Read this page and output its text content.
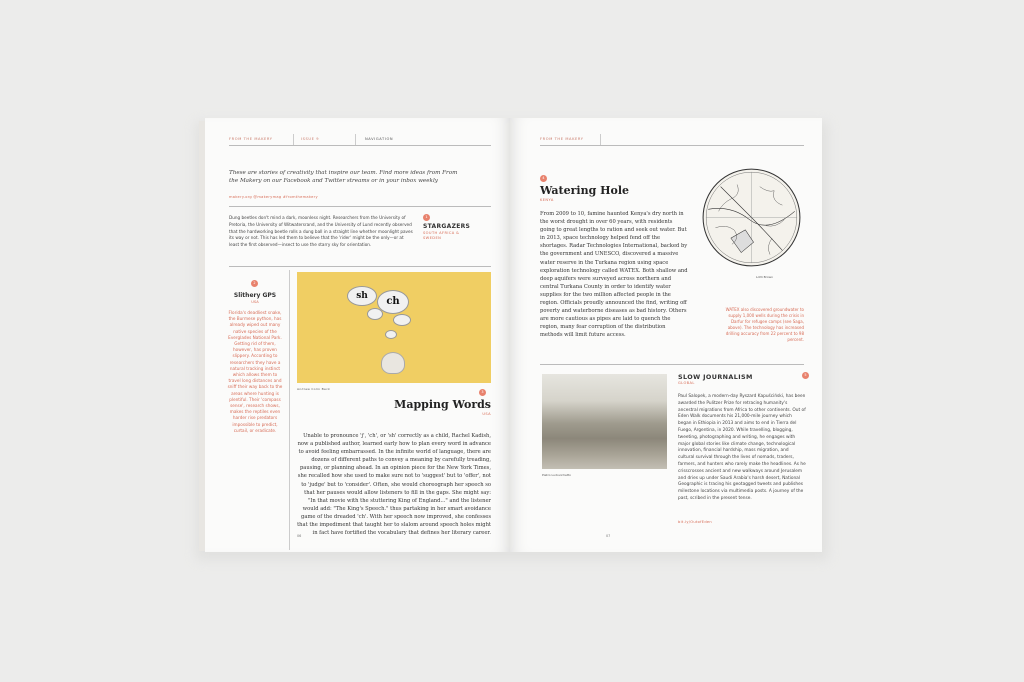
FROM THE MAKERY	ISSUE 9	NAVIGATION
These are stories of creativity that inspire our team. Find more ideas from From the Makery on our Facebook and Twitter streams or in your inbox weekly
makery.org @makerymag #fromthemakery
Dung beetles don't mind a dark, moonless night. Researchers from the University of Pretoria, the University of Witwatersrand, and the University of Lund recently observed that the hardworking beetle rolls a dung ball in a straight line whether moonlight paves its way or not. This has led them to believe that the 'rider' might be the only—or at least the first observed—insect to use the starry sky for orientation.
1
STARGAZERS
SOUTH AFRICA & SWEDEN
2
Slithery GPS
USA
Florida's deadliest snake, the Burmese python, has already wiped out many native species of the Everglades National Park. Getting rid of them, however, has proven slippery. According to researchers they have a natural tracking instinct which allows them to travel long distances and sniff their way back to the areas where hunting is plentiful. Their 'compass sense', research shows, makes the reptiles even harder rise predators impossible to predict, curtail, or eradicate.
sh	ch
Andrew Colin Beck
3
Mapping Words
USA
Unable to pronounce 'j', 'ch', or 'sh' correctly as a child, Rachel Kadish, now a published author, learned early how to plan every word in advance to avoid feeling embarrassed. In the infinite world of language, there are dozens of different paths to convey a meaning by carefully treading, pausing, or planning ahead. In an opinion piece for the New York Times, she recalled how she used to make sure not to 'suggest' but to 'offer', not to 'judge' but to 'consider'. Often, she would choreograph her speech so that her pauses would allow listeners to fill in the gaps. She might say: "In that movie with the stuttering King of England..." and the listener would add: "The King's Speech." thus partaking in her smart avoidance game of the dreaded 'ch'. With her speech now improved, she confesses that the impediment that taught her to slalom around speech holes might in fact have fortified the vocabulary that defines her literary career.
06
FROM THE MAKERY
4
Watering Hole
KENYA
From 2009 to 10, famine haunted Kenya's dry north in the worst drought in over 60 years, with residents going to great lengths to ration and seek out water. But in 2013, space technology helped fend off the shortages. Radar Technologies International, backed by the government and UNESCO, discovered a massive water reserve in the Turkana region using space exploration technology called WATEX. Both shallow and deep aquifers were surveyed across northern and central Turkana County in order to identify water supplies for the two million affected people in the region. Officials proudly announced the find, writing off poverty and waterborne diseases as bad history. Others are more cautious as pipes are laid to quench the region, many fear corruption of the distribution methods will limit future access.
Lotti Brown
WATEX also discovered groundwater to supply 1,000 wells during the crisis in Darfur for refugee camps (see Saga, above). The technology has increased drilling accuracy from 22 percent to 98 percent.
Pietro Ludovichetto
5
SLOW JOURNALISM
GLOBAL
Paul Salopek, a modern-day Ryszard Kapuściński, has been awarded the Pulitzer Prize for retracing humanity's ancestral migrations from Africa to other continents. Out of Eden Walk documents his 21,000-mile journey which began in Ethiopia in 2013 and aims to end in Tierra del Fuego, Argentina, in 2020. While travelling, blogging, tweeting, photographing and writing, he engages with major global stories like climate change, technological innovation, financial hardship, mass migration, and cultural survival through the lives of nomads, traders, farmers, and hunters who rarely make the headlines. As he crisscrosses ancient and new walkways around Jerusalem and dries up under Saudi Arabia's harsh desert, National Geographic is tracing his geotagged tweets and publishes milestone locations via multimedia posts. A journey of the past, scribed in the present tense.
bit.ly/OutofEden
07
